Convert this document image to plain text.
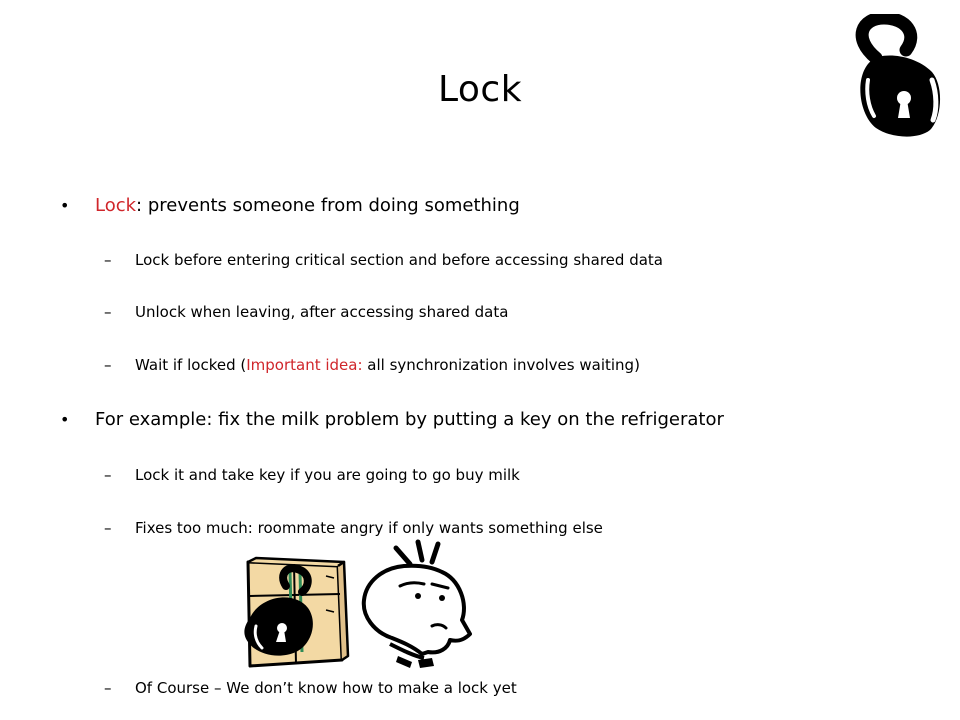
Lock
• Lock: prevents someone from doing something
– Lock before entering critical section and before accessing shared data
– Unlock when leaving, after accessing shared data
– Wait if locked (Important idea: all synchronization involves waiting)
• For example: fix the milk problem by putting a key on the refrigerator
– Lock it and take key if you are going to go buy milk
– Fixes too much: roommate angry if only wants something else
– Of Course – We don’t know how to make a lock yet
